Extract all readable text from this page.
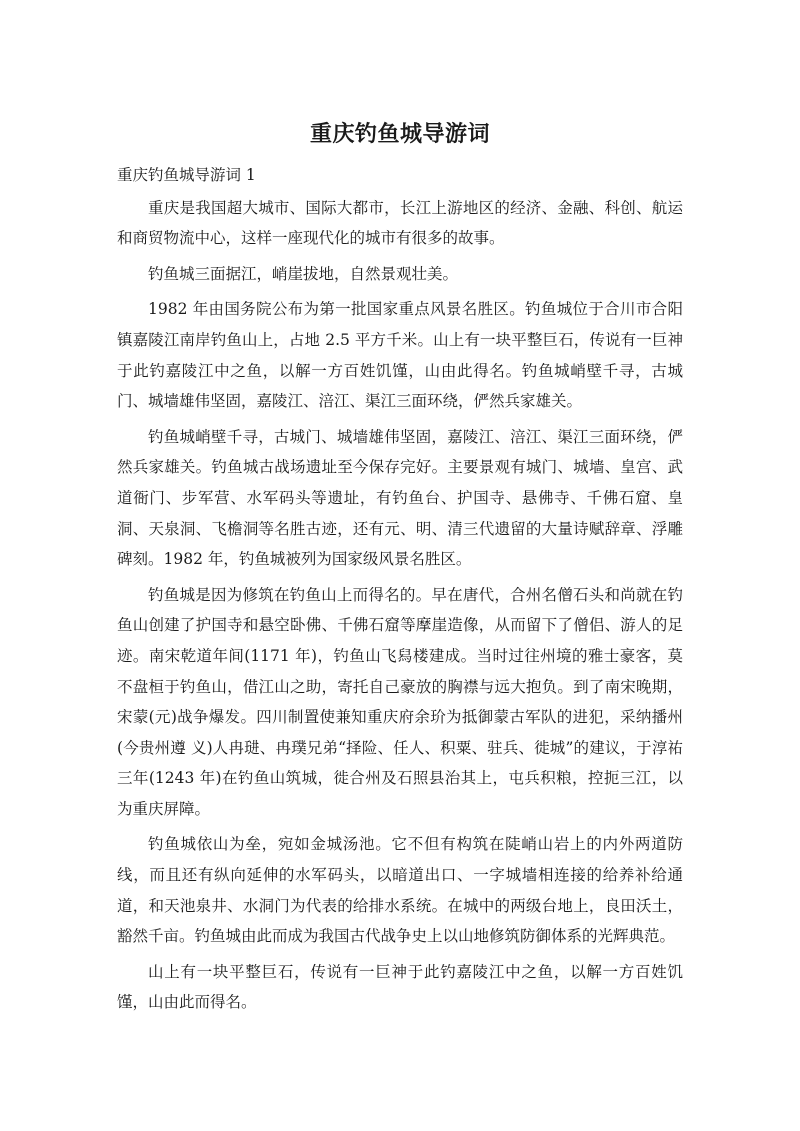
重庆钓鱼城导游词

重庆钓鱼城导游词 1

重庆是我国超大城市、国际大都市，长江上游地区的经济、金融、科创、航运和商贸物流中心，这样一座现代化的城市有很多的故事。

钓鱼城三面据江，峭崖拔地，自然景观壮美。

1982 年由国务院公布为第一批国家重点风景名胜区。钓鱼城位于合川市合阳镇嘉陵江南岸钓鱼山上，占地 2.5 平方千米。山上有一块平整巨石，传说有一巨神于此钓嘉陵江中之鱼，以解一方百姓饥馑，山由此得名。钓鱼城峭壁千寻，古城门、城墙雄伟坚固，嘉陵江、涪江、渠江三面环绕，俨然兵家雄关。

钓鱼城峭壁千寻，古城门、城墙雄伟坚固，嘉陵江、涪江、渠江三面环绕，俨然兵家雄关。钓鱼城古战场遗址至今保存完好。主要景观有城门、城墙、皇宫、武道衙门、步军营、水军码头等遗址，有钓鱼台、护国寺、悬佛寺、千佛石窟、皇洞、天泉洞、飞檐洞等名胜古迹，还有元、明、清三代遗留的大量诗赋辞章、浮雕碑刻。1982 年，钓鱼城被列为国家级风景名胜区。

钓鱼城是因为修筑在钓鱼山上而得名的。早在唐代，合州名僧石头和尚就在钓鱼山创建了护国寺和悬空卧佛、千佛石窟等摩崖造像，从而留下了僧侣、游人的足迹。南宋乾道年间(1171 年)，钓鱼山飞舄楼建成。当时过往州境的雅士豪客，莫不盘桓于钓鱼山，借江山之助，寄托自己豪放的胸襟与远大抱负。到了南宋晚期，宋蒙(元)战争爆发。四川制置使兼知重庆府余玠为抵御蒙古军队的进犯，采纳播州(今贵州遵 义)人冉琎、冉璞兄弟“择险、任人、积粟、驻兵、徙城”的建议，于淳祐三年(1243 年)在钓鱼山筑城，徙合州及石照县治其上，屯兵积粮，控扼三江，以为重庆屏障。

钓鱼城依山为垒，宛如金城汤池。它不但有构筑在陡峭山岩上的内外两道防线，而且还有纵向延伸的水军码头，以暗道出口、一字城墙相连接的给养补给通道，和天池泉井、水洞门为代表的给排水系统。在城中的两级台地上，良田沃土，豁然千亩。钓鱼城由此而成为我国古代战争史上以山地修筑防御体系的光辉典范。

山上有一块平整巨石，传说有一巨神于此钓嘉陵江中之鱼，以解一方百姓饥馑，山由此而得名。
